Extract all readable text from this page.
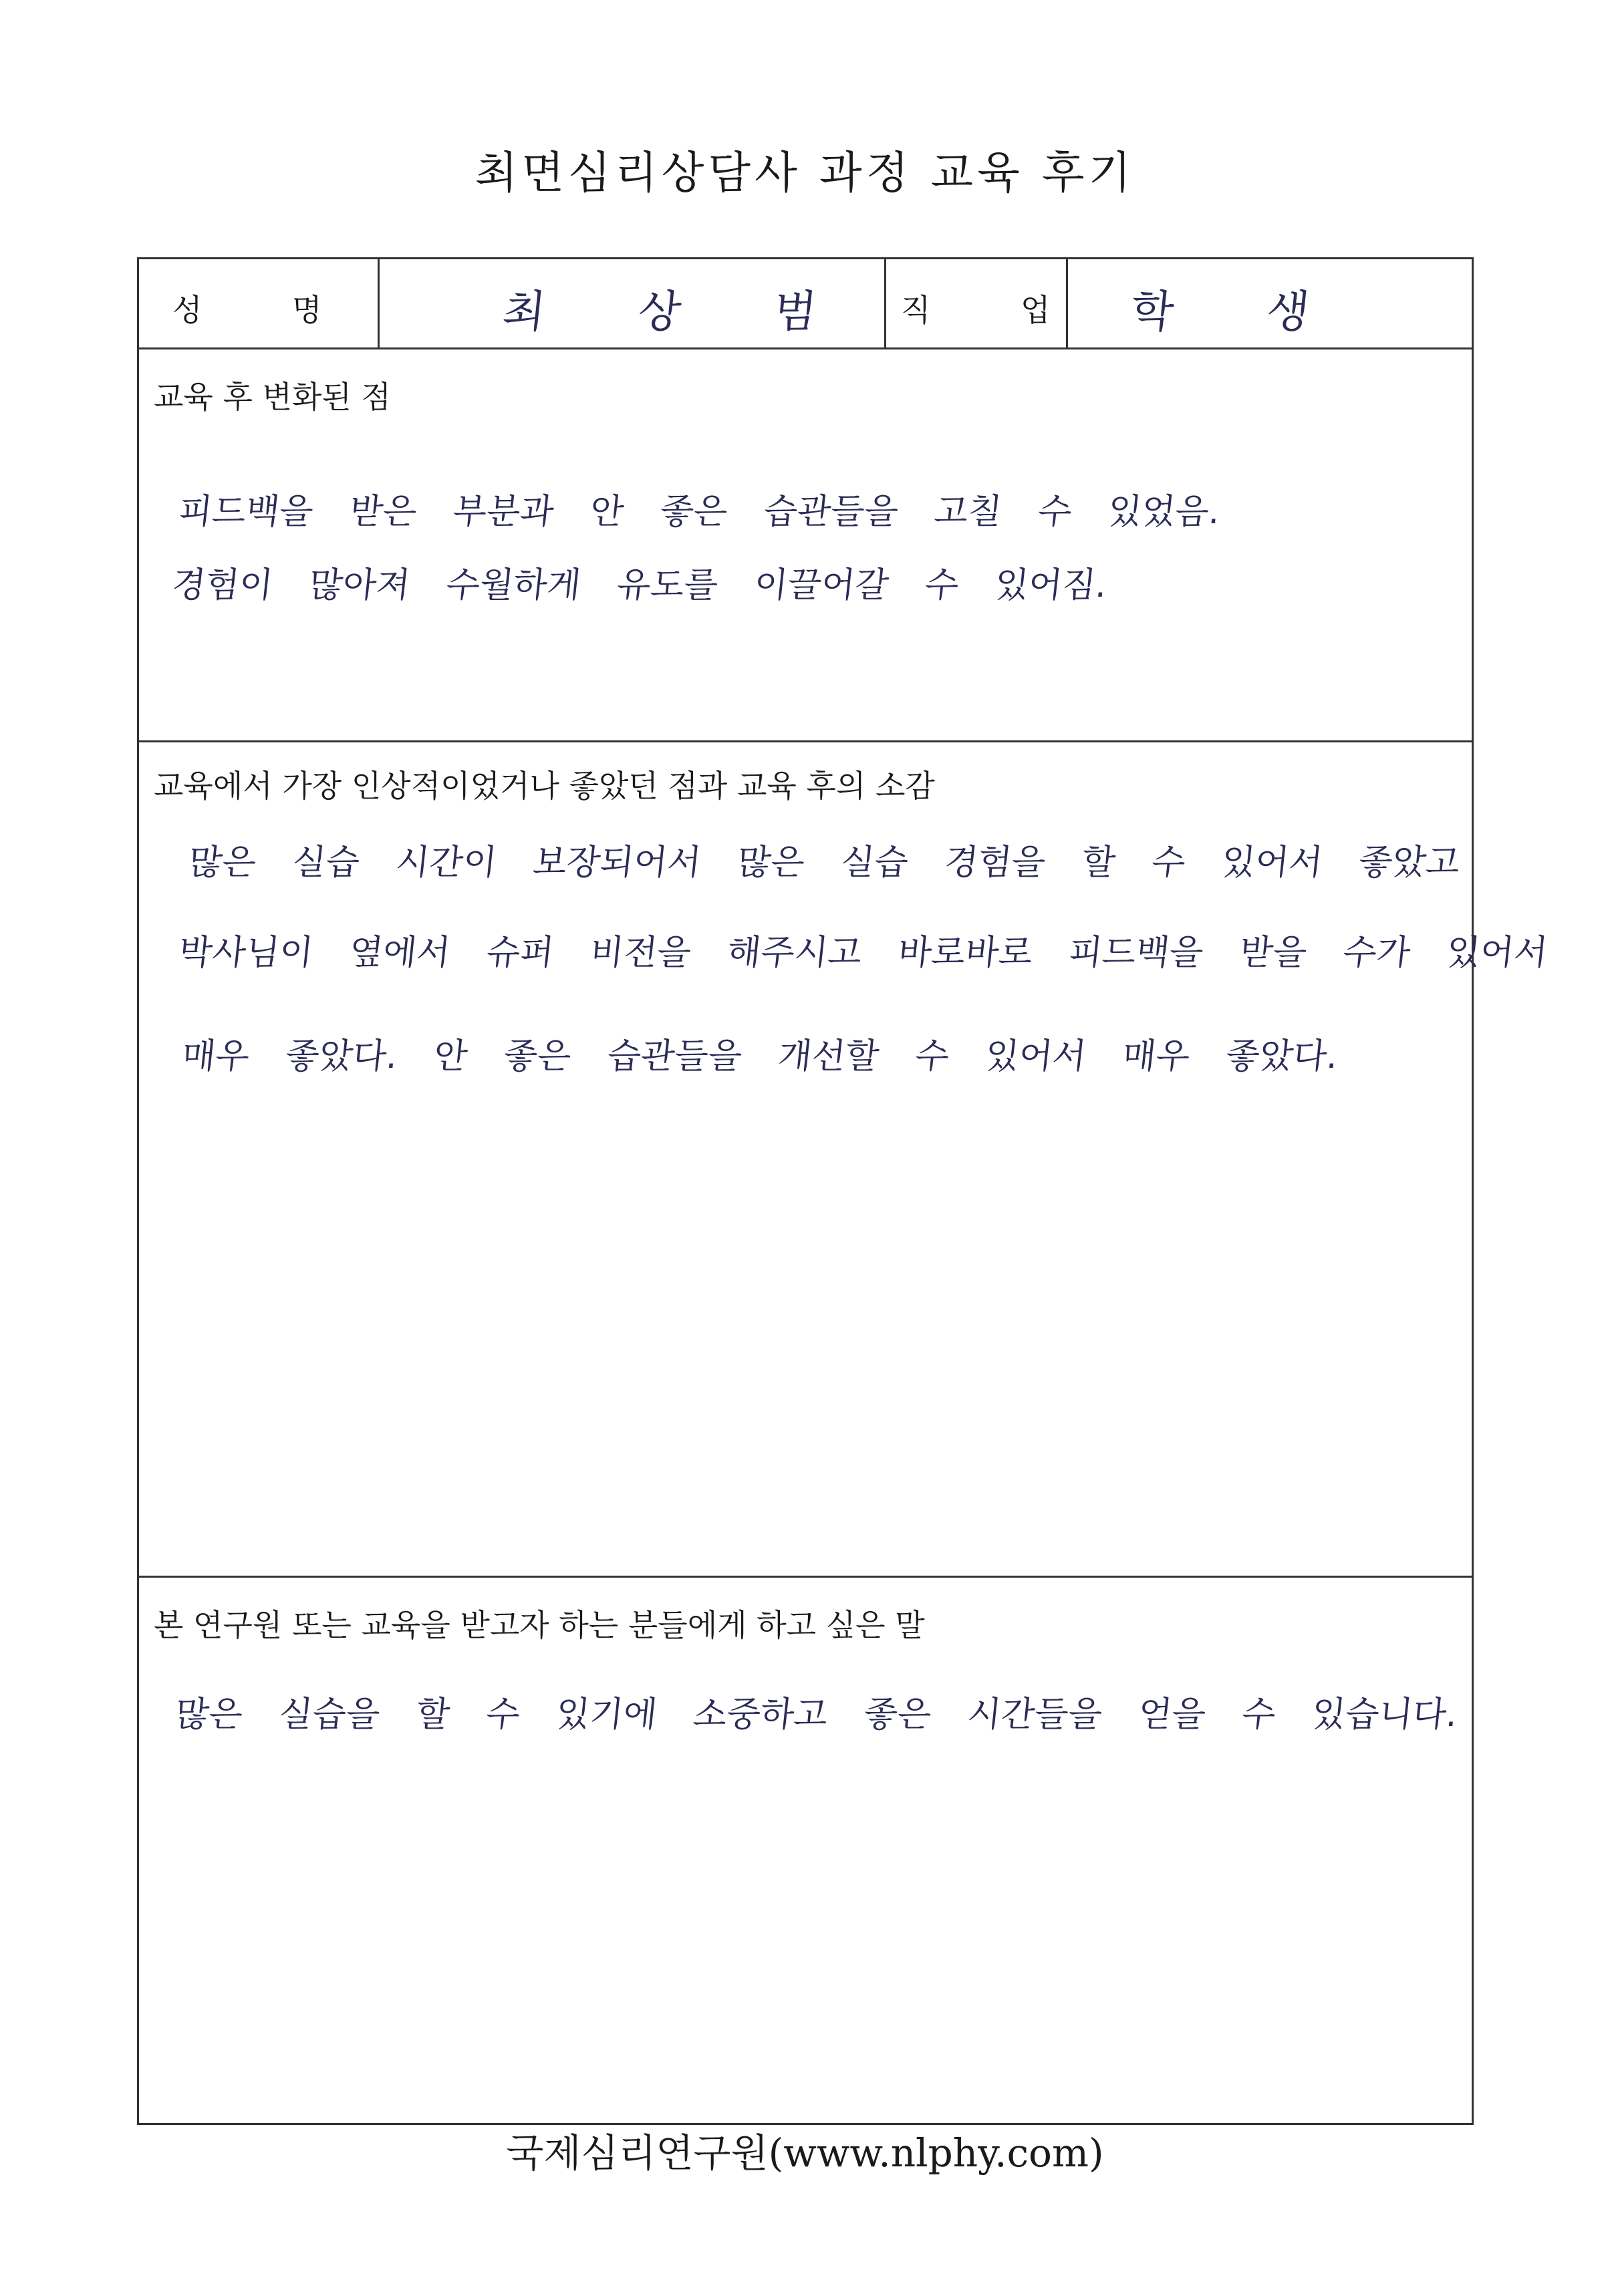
최면심리상담사 과정 교육 후기
성 명	최 상 범 직 업 학 생
교육 후 변화된 점
피드백을 받은 부분과 안 좋은 습관들을 고칠 수 있었음.
경험이 많아져 수월하게 유도를 이끌어갈 수 있어짐.
교육에서 가장 인상적이었거나 좋았던 점과 교육 후의 소감
많은 실습 시간이 보장되어서 많은 실습 경험을 할 수 있어서 좋았고
박사님이 옆에서 슈퍼 비전을 해주시고 바로바로 피드백을 받을 수가 있어서
매우 좋았다. 안 좋은 습관들을 개선할 수 있어서 매우 좋았다.
본 연구원 또는 교육을 받고자 하는 분들에게 하고 싶은 말
많은 실습을 할 수 있기에 소중하고 좋은 시간들을 얻을 수 있습니다.
국제심리연구원(www.nlphy.com)
